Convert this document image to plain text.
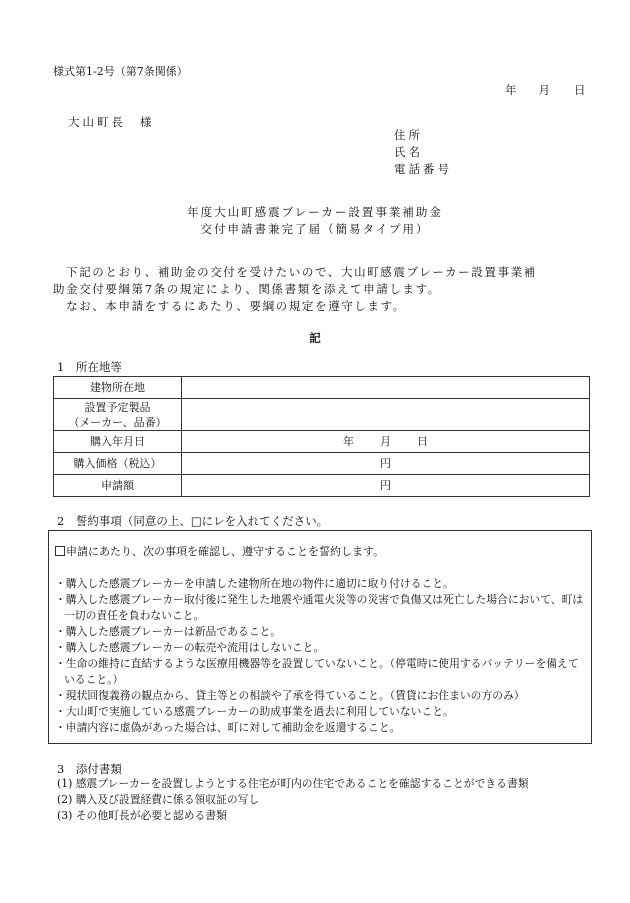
様式第1-2号（第7条関係）
年 月 日
大山町長 様
住所
氏名
電話番号
年度大山町感震ブレーカー設置事業補助金
交付申請書兼完了届（簡易タイプ用）

　下記のとおり、補助金の交付を受けたいので、大山町感震ブレーカー設置事業補

助金交付要綱第7条の規定により、関係書類を添えて申請します。

　なお、本申請をするにあたり、要綱の規定を遵守します。

記
1　所在地等
建物所在地	

設置予定製品
（メーカー、品番）	

購入年月日	年 月 日
購入価格（税込）	円
申請額	円
2　誓約事項（同意の上、□にレを入れてください。
申請にあたり、次の事項を確認し、遵守することを誓約します。
・購入した感震ブレーカーを申請した建物所在地の物件に適切に取り付けること。
・購入した感震ブレーカー取付後に発生した地震や通電火災等の災害で負傷又は死亡した場合において、町は一切の責任を負わないこと。
・購入した感震ブレーカーは新品であること。
・購入した感震ブレーカーの転売や流用はしないこと。
・生命の維持に直結するような医療用機器等を設置していないこと。（停電時に使用するバッテリーを備えていること。）
・現状回復義務の観点から、貸主等との相談や了承を得ていること。（賃貸にお住まいの方のみ）
・大山町で実施している感震ブレーカーの助成事業を過去に利用していないこと。
・申請内容に虚偽があった場合は、町に対して補助金を返還すること。
3　添付書類
(1) 感震ブレーカーを設置しようとする住宅が町内の住宅であることを確認することができる書類
(2) 購入及び設置経費に係る領収証の写し
(3) その他町長が必要と認める書類
